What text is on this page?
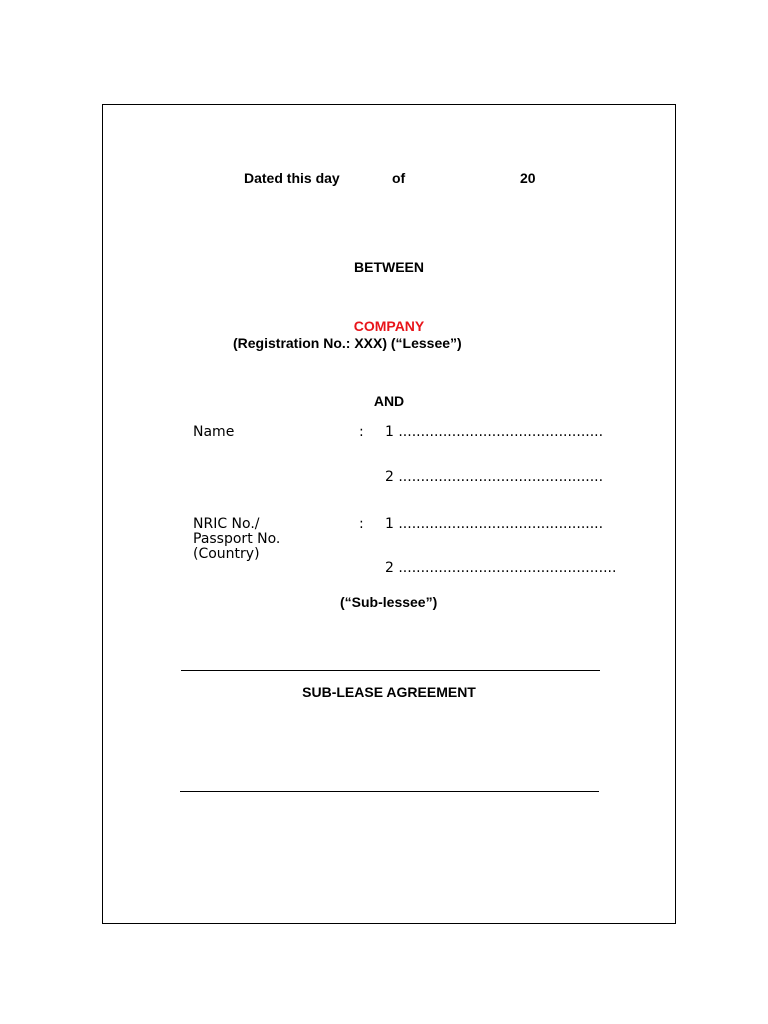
Dated this day	of	20
BETWEEN
COMPANY
(Registration No.: XXX) (“Lessee”)
AND
Name	: 1 ..............................................
2 ..............................................
NRIC No./
Passport No.
(Country)
: 1 ..............................................
2 .................................................
(“Sub-lessee”)
SUB-LEASE AGREEMENT
